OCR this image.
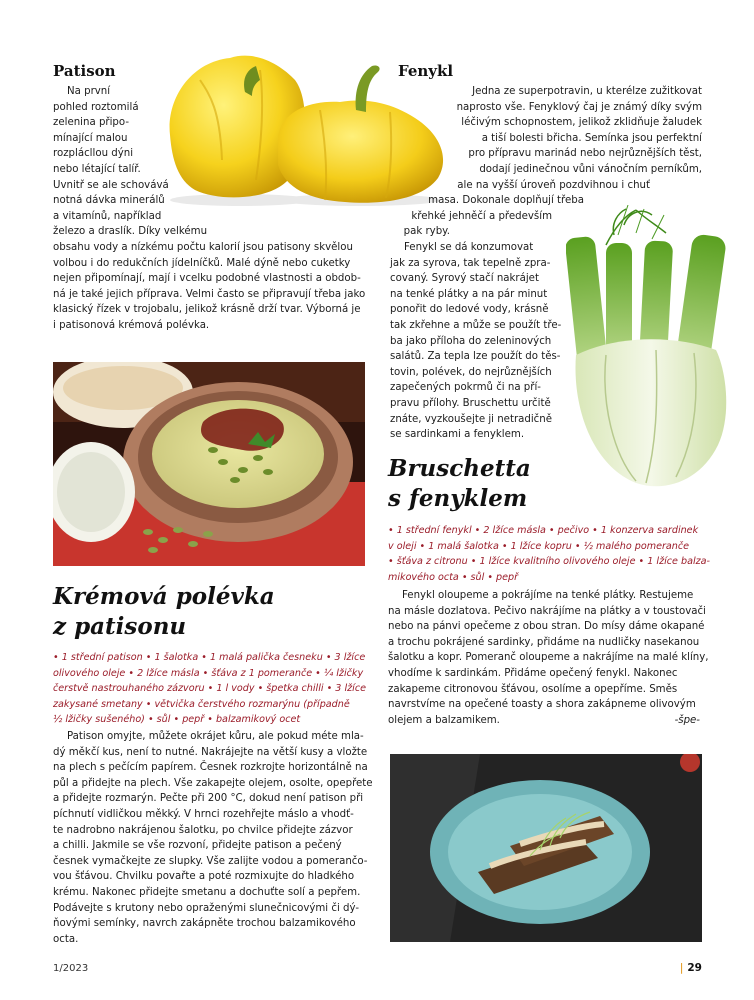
Patison
Na první
pohled roztomilá
zelenina připo-
mínající malou
rozplácllou dýni
nebo létající talíř.
Uvnitř se ale schovává
notná dávka minerálů
a vitamínů, například
železo a draslík. Díky velkému
obsahu vody a nízkému počtu kalorií jsou patisony skvělou
volbou i do redukčních jídelníčků. Malé dýně nebo cuketky
nejen připomínají, mají i vcelku podobné vlastnosti a obdob-
ná je také jejich příprava. Velmi často se připravují třeba jako
klasický řízek v trojobalu, jelikož krásně drží tvar. Výborná je
i patisonová krémová polévka.
Fenykl
Jedna ze superpotravin, u kterélze zužitkovat
naprosto vše. Fenyklový čaj je známý díky svým
léčivým schopnostem, jelikož zklidňuje žaludek
a tiší bolesti břicha. Semínka jsou perfektní
pro přípravu marinád nebo nejrůznějších těst,
dodají jedinečnou vůni vánočním perníkům,
ale na vyšší úroveň pozdvihnou i chuť
masa. Dokonale doplňují třeba
křehké jehněčí a především
pak ryby.
Fenykl se dá konzumovat
jak za syrova, tak tepelně zpra-
covaný. Syrový stačí nakrájet
na tenké plátky a na pár minut
ponořit do ledové vody, krásně
tak zkřehne a může se použít tře-
ba jako příloha do zeleninových
salátů. Za tepla lze použít do těs-
tovin, polévek, do nejrůznějších
zapečených pokrmů či na pří-
pravu přílohy. Bruschettu určitě
znáte, vyzkoušejte ji netradičně
se sardinkami a fenyklem.
Bruschetta
s fenyklem
• 1 střední fenykl • 2 lžíce másla • pečivo • 1 konzerva sardinek
v oleji • 1 malá šalotka • 1 lžíce kopru • ½ malého pomeranče
• šťáva z citronu • 1 lžíce kvalitního olivového oleje • 1 lžíce balza-
mikového octa • sůl • pepř
Fenykl oloupeme a pokrájíme na tenké plátky. Restujeme
na másle dozlatova. Pečivo nakrájíme na plátky a v toustovači
nebo na pánvi opečeme z obou stran. Do mísy dáme okapané
a trochu pokrájené sardinky, přidáme na nudličky nasekanou
šalotku a kopr. Pomeranč oloupeme a nakrájíme na malé klíny,
vhodíme k sardinkám. Přidáme opečený fenykl. Nakonec
zakapeme citronovou šťávou, osolíme a opepříme. Směs
navrstvíme na opečené toasty a shora zakápneme olivovým
olejem a balzamikem.	-špe-
Krémová polévka
z patisonu
• 1 střední patison • 1 šalotka • 1 malá palička česneku • 3 lžíce
olivového oleje • 2 lžíce másla • šťáva z 1 pomeranče • ¼ lžičky
čerstvě nastrouhaného zázvoru • 1 l vody • špetka chilli • 3 lžíce
zakysané smetany • větvička čerstvého rozmarýnu (případně
½ lžičky sušeného) • sůl • pepř • balzamikový ocet
Patison omyjte, můžete okrájet kůru, ale pokud méte mla-
dý měkčí kus, není to nutné. Nakrájejte na větší kusy a vložte
na plech s pečícím papírem. Česnek rozkrojte horizontálně na
půl a přidejte na plech. Vše zakapejte olejem, osolte, opepřete
a přidejte rozmarýn. Pečte při 200 °C, dokud není patison při
píchnutí vidličkou měkký. V hrnci rozehřejte máslo a vhodť-
te nadrobno nakrájenou šalotku, po chvilce přidejte zázvor
a chilli. Jakmile se vše rozvoní, přidejte patison a pečený
česnek vymačkejte ze slupky. Vše zalijte vodou a pomerančo-
vou šťávou. Chvilku povařte a poté rozmixujte do hladkého
krému. Nakonec přidejte smetanu a dochuťte solí a pepřem.
Podávejte s krutony nebo opraženými slunečnicovými či dý-
ňovými semínky, navrch zakápněte trochou balzamikového
octa.
1/2023	| 29
